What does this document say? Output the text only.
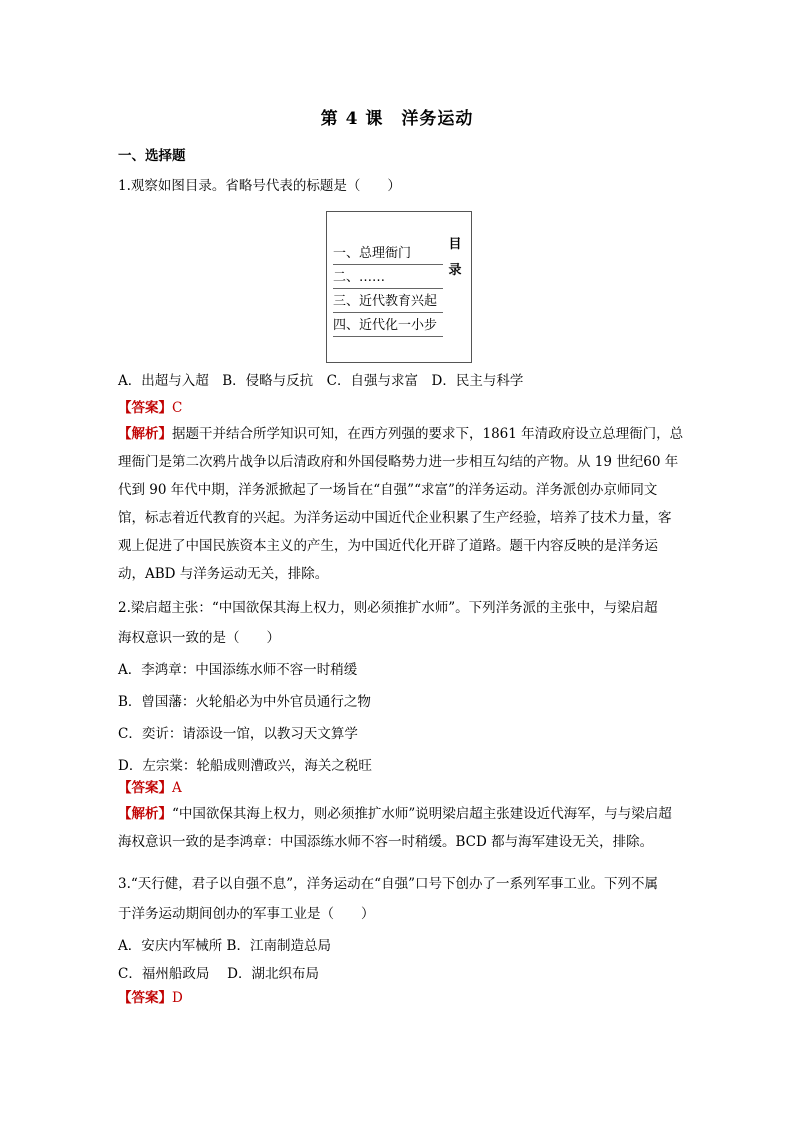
第 4 课　洋务运动
一、选择题
1.观察如图目录。省略号代表的标题是（　　）
目录
一、总理衙门
二、……
三、近代教育兴起
四、近代化一小步
A．出超与入超　B．侵略与反抗　C．自强与求富　D．民主与科学
【答案】C
【解析】据题干并结合所学知识可知，在西方列强的要求下，1861 年清政府设立总理衙门，总理衙门是第二次鸦片战争以后清政府和外国侵略势力进一步相互勾结的产物。从 19 世纪60 年代到 90 年代中期，洋务派掀起了一场旨在“自强”“求富”的洋务运动。洋务派创办京师同文馆，标志着近代教育的兴起。为洋务运动中国近代企业积累了生产经验，培养了技术力量，客观上促进了中国民族资本主义的产生，为中国近代化开辟了道路。题干内容反映的是洋务运动，ABD 与洋务运动无关，排除。
2.梁启超主张：“中国欲保其海上权力，则必须推扩水师”。下列洋务派的主张中，与梁启超
海权意识一致的是（　　）
A．李鸿章：中国添练水师不容一时稍缓
B．曾国藩：火轮船必为中外官员通行之物
C．奕䜣：请添设一馆，以教习天文算学
D．左宗棠：轮船成则漕政兴，海关之税旺
【答案】A
【解析】“中国欲保其海上权力，则必须推扩水师”说明梁启超主张建设近代海军，与与梁启超海权意识一致的是李鸿章：中国添练水师不容一时稍缓。BCD 都与海军建设无关，排除。
3.“天行健，君子以自强不息”，洋务运动在“自强”口号下创办了一系列军事工业。下列不属
于洋务运动期间创办的军事工业是（　　）
A．安庆内军械所 B．江南制造总局
C．福州船政局　 D．湖北织布局
【答案】D
